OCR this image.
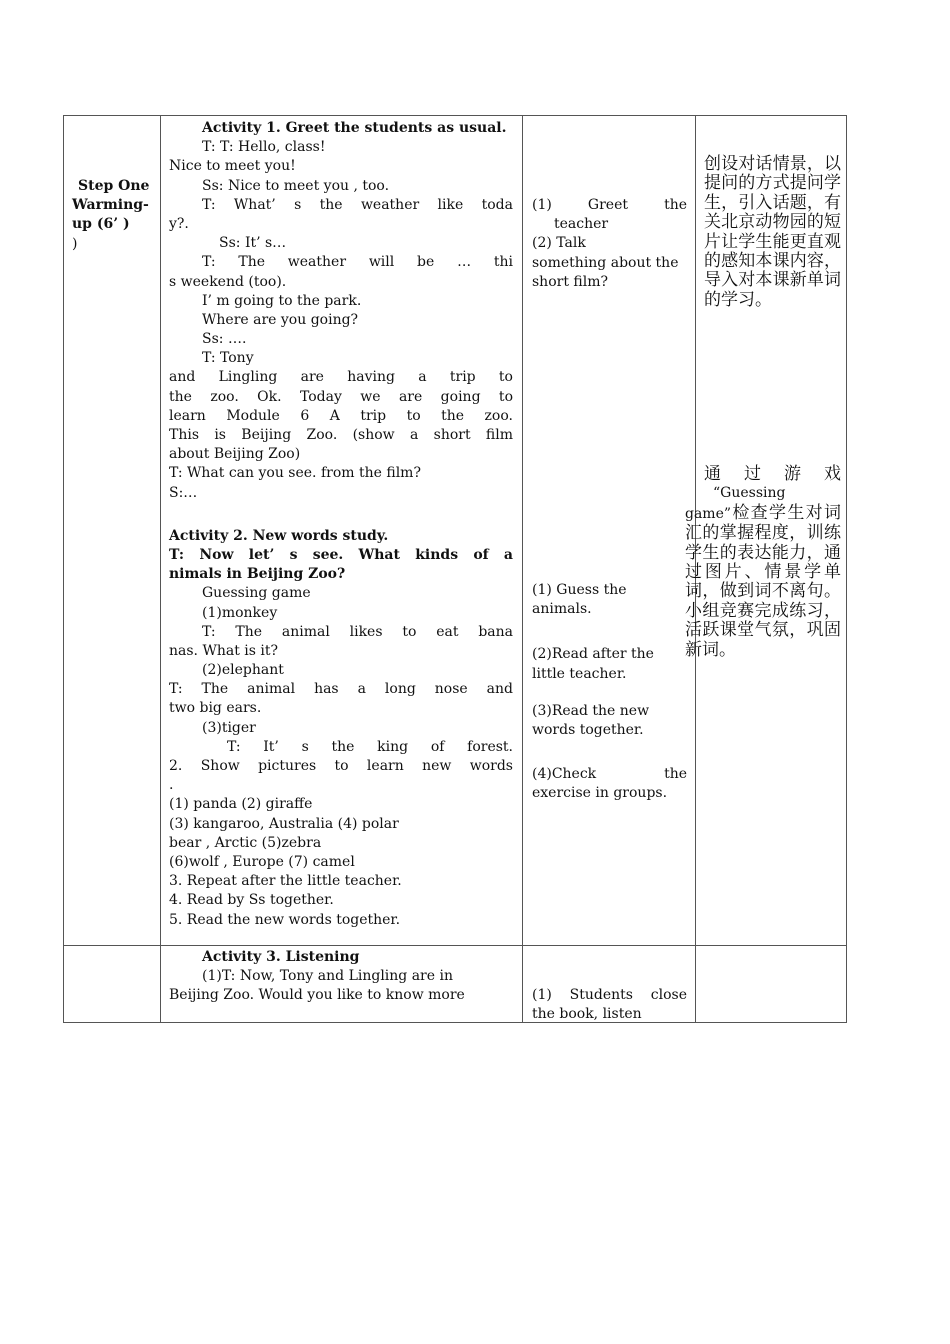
Step One
Warming-
up (6’ )
)
Activity 1. Greet the students as usual.
T: T: Hello, class!
Nice to meet you!
Ss: Nice to meet you , too.
T: What’ s the weather like toda
y?.
Ss: It’ s…
T: The weather will be … thi
s weekend (too).
I’ m going to the park.
Where are you going?
Ss: ….
T: Tony
and Lingling are having a trip to
the zoo. Ok. Today we are going to
learn Module 6 A trip to the zoo.
This is Beijing Zoo. (show a short film
about Beijing Zoo)
T: What can you see. from the film?
S:…
Activity 2. New words study.
T: Now let’ s see. What kinds of a
nimals in Beijing Zoo?
Guessing game
(1)monkey
T: The animal likes to eat bana
nas. What is it?
(2)elephant
T: The animal has a long nose and
two big ears.
(3)tiger
T: It’ s the king of forest.
2. Show pictures to learn new words
.
(1) panda (2) giraffe
(3) kangaroo, Australia (4) polar
bear , Arctic (5)zebra
(6)wolf , Europe (7) camel
3. Repeat after the little teacher.
4. Read by Ss together.
5. Read the new words together.
(1) Greet the
teacher
(2) Talk
something about the
short film?
(1) Guess the
animals.
(2)Read after the
little teacher.
(3)Read the new
words together.
(4)Check the
exercise in groups.
创设对话情景，以提问的方式提问学生，引入话题，有关北京动物园的短片让学生能更直观的感知本课内容，导入对本课新单词的学习。
通 过 游 戏
“Guessing
game”检查学生对词汇的掌握程度，训练学生的表达能力，通过图片、情景学单词，做到词不离句。小组竞赛完成练习，活跃课堂气氛，巩固新词。
Activity 3. Listening
(1)T: Now, Tony and Lingling are in
Beijing Zoo. Would you like to know more	(1) Students close
the book, listen
